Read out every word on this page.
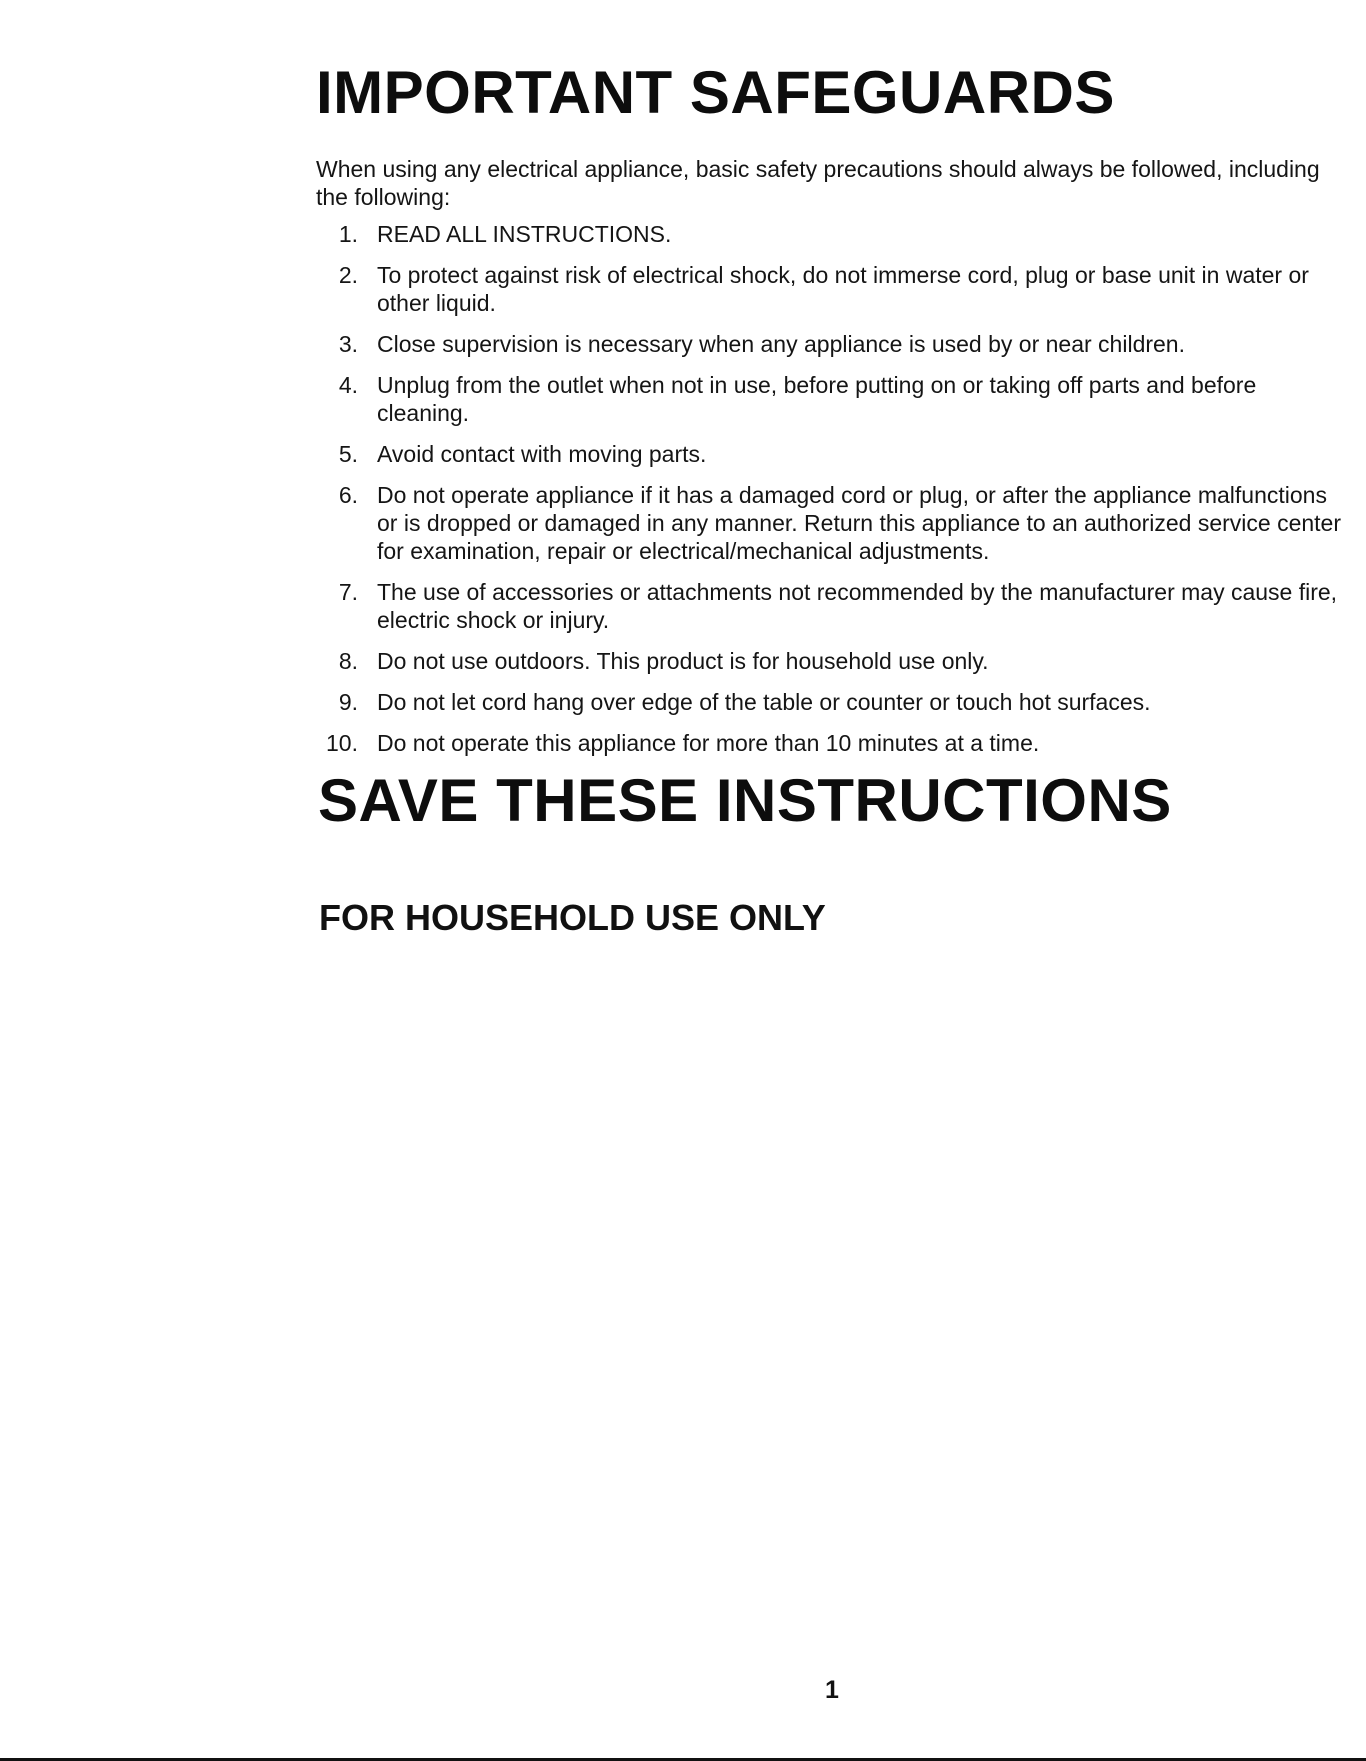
IMPORTANT SAFEGUARDS

When using any electrical appliance, basic safety precautions should always be followed, including the following:

1. READ ALL INSTRUCTIONS.
2. To protect against risk of electrical shock, do not immerse cord, plug or base unit in water or other liquid.
3. Close supervision is necessary when any appliance is used by or near children.
4. Unplug from the outlet when not in use, before putting on or taking off parts and before cleaning.
5. Avoid contact with moving parts.
6. Do not operate appliance if it has a damaged cord or plug, or after the appliance malfunctions or is dropped or damaged in any manner. Return this appliance to an authorized service center for examination, repair or electrical/mechanical adjustments.
7. The use of accessories or attachments not recommended by the manufacturer may cause fire, electric shock or injury.
8. Do not use outdoors. This product is for household use only.
9. Do not let cord hang over edge of the table or counter or touch hot surfaces.
10. Do not operate this appliance for more than 10 minutes at a time.
SAVE THESE INSTRUCTIONS
FOR HOUSEHOLD USE ONLY
1
